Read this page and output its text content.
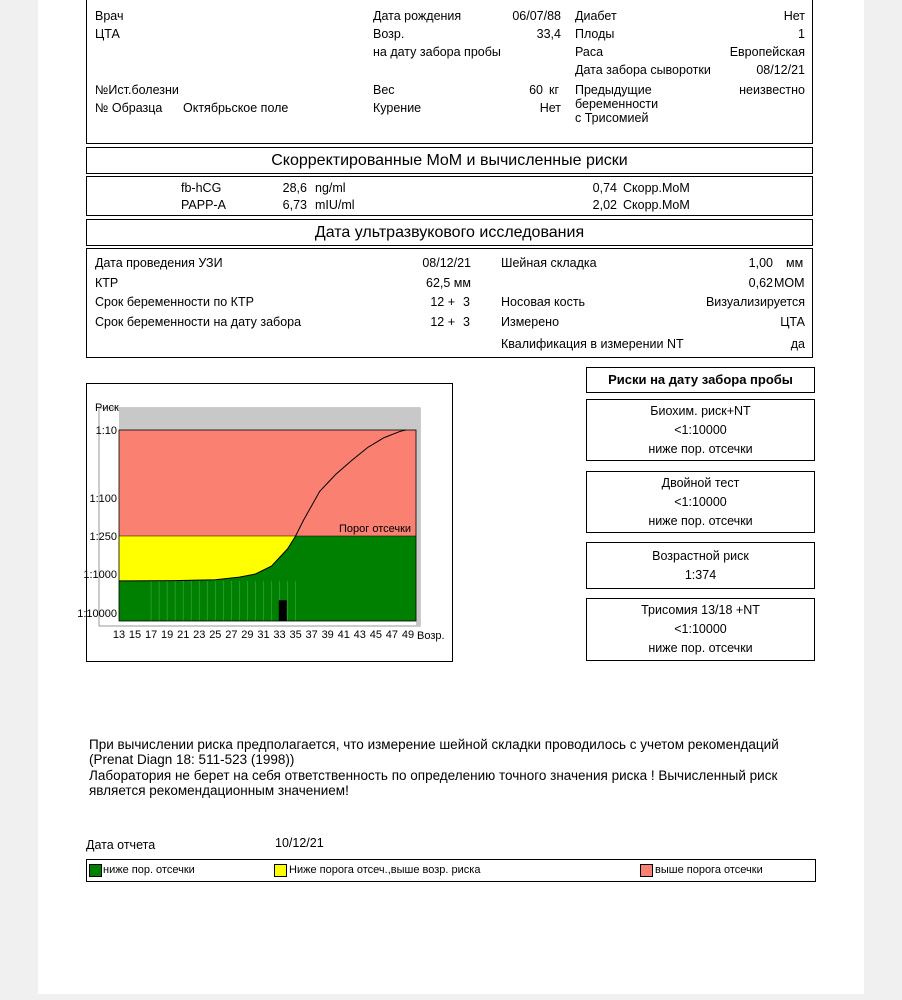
Врач
ЦТА
№Ист.болезни
№ Образца Октябрьское поле
Дата рождения	06/07/88
Возр.	33,4
на дату забора пробы
Вес	60 кг
Курение	Нет
Диабет	Нет
Плоды	1
Раса	Европейская
Дата забора сыворотки	08/12/21
Предыдущие
беременности
с Трисомией
неизвестно
Скорректированные MoM и вычисленные риски
fb-hCG	28,6 ng/ml	0,74 Скорр.MoM
PAPP-A	6,73 mIU/ml	2,02 Скорр.MoM
Дата ультразвукового исследования
Дата проведения УЗИ	08/12/21
КТР	62,5 мм
Срок беременности по КТР	12 + 3
Срок беременности на дату забора	12 + 3
Шейная складка	1,00 мм
0,62 MOM
Носовая кость	Визуализируется
Измерено	ЦТА
Квалификация в измерении NT	да
Порог отсечки
Риск
1:10
1:100
1:250
1:1000
1:10000
13 15 17 19 21 23 25 27 29 31 33 35 37 39 41 43 45 47 49 Возр.
Риски на дату забора пробы
Биохим. риск+NT
<1:10000
ниже пор. отсечки
Двойной тест
<1:10000
ниже пор. отсечки
Возрастной риск
1:374
Трисомия 13/18 +NT
<1:10000
ниже пор. отсечки
При вычислении риска предполагается, что измерение шейной складки проводилось с учетом рекомендаций
(Prenat Diagn 18: 511-523 (1998))
Лаборатория не берет на себя ответственность по определению точного значения риска ! Вычисленный риск
является рекомендационным значением!
Дата отчета	10/12/21
ниже пор. отсечки	Ниже порога отсеч.,выше возр. риска	выше порога отсечки
